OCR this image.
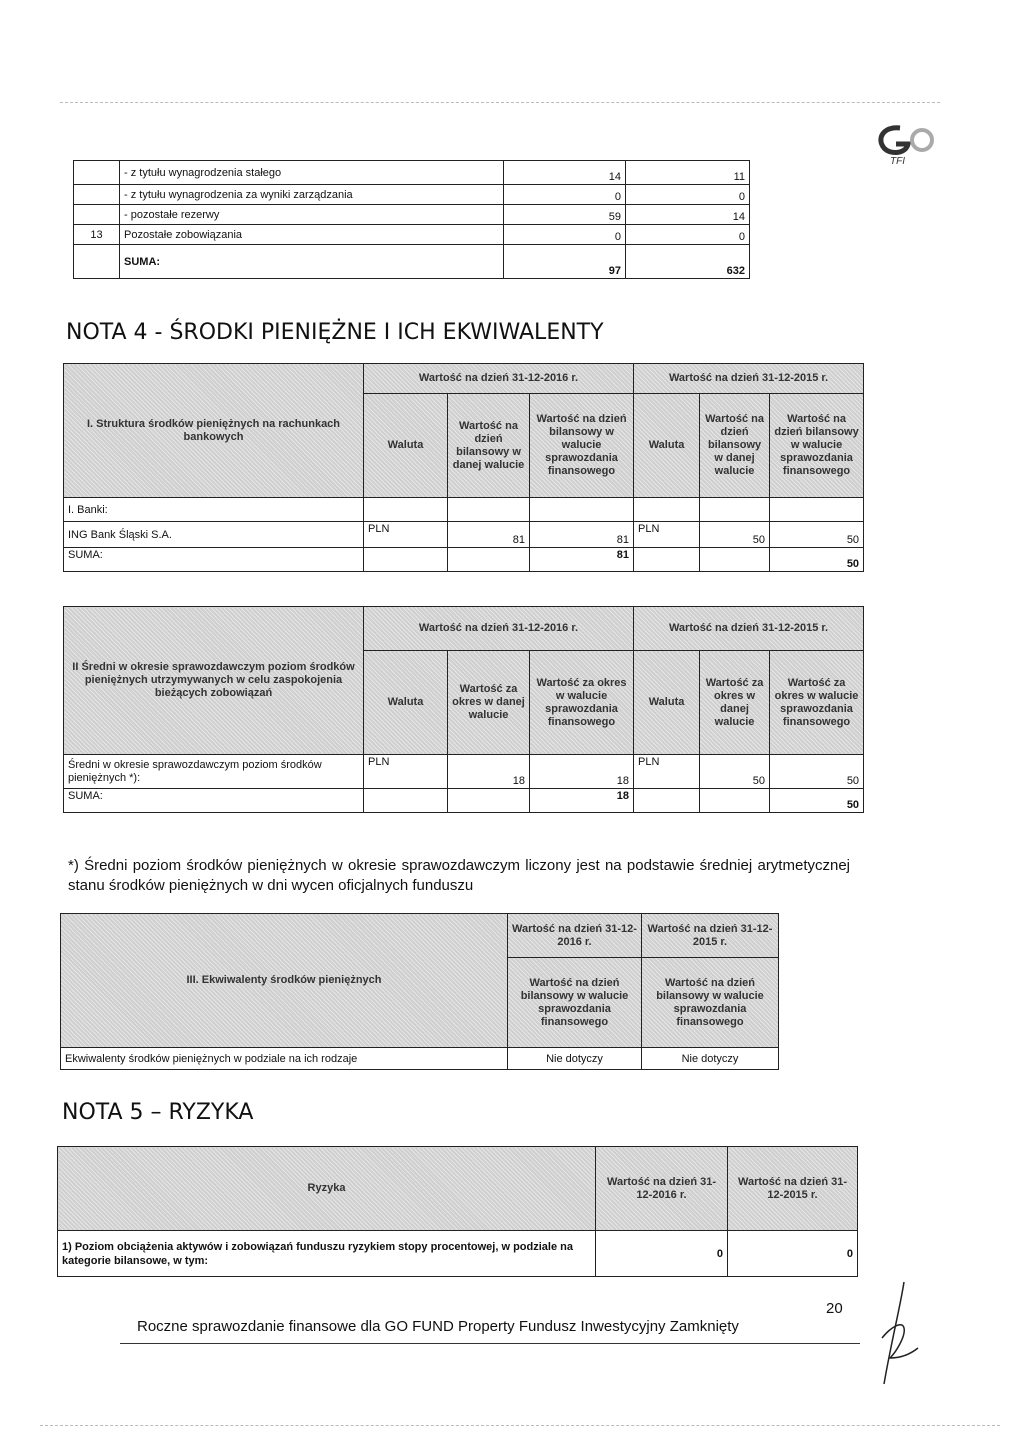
TFI
	- z tytułu wynagrodzenia stałego	14	11
	- z tytułu wynagrodzenia za wyniki zarządzania	0	0
	- pozostałe rezerwy	59	14
13	Pozostałe zobowiązania	0	0
	SUMA:	97	632
NOTA 4 - ŚRODKI PIENIĘŻNE I ICH EKWIWALENTY
I. Struktura środków pieniężnych na rachunkach bankowych	Wartość na dzień 31-12-2016 r.			Wartość na dzień 31-12-2015 r.		
	Waluta	Wartość na dzień bilansowy w danej walucie	Wartość na dzień bilansowy w walucie sprawozdania finansowego	Waluta	Wartość na dzień bilansowy w danej walucie	Wartość na dzień bilansowy w walucie sprawozdania finansowego
I. Banki:						
ING Bank Śląski S.A.	PLN	81	81	PLN	50	50
SUMA:			81			50
II Średni w okresie sprawozdawczym poziom środków pieniężnych utrzymywanych w celu zaspokojenia bieżących zobowiązań	Wartość na dzień 31-12-2016 r.			Wartość na dzień 31-12-2015 r.		
	Waluta	Wartość za okres w danej walucie	Wartość za okres w walucie sprawozdania finansowego	Waluta	Wartość za okres w danej walucie	Wartość za okres w walucie sprawozdania finansowego
Średni w okresie sprawozdawczym poziom środków pieniężnych *):	PLN	18	18	PLN	50	50
SUMA:			18			50
*) Średni poziom środków pieniężnych w okresie sprawozdawczym liczony jest na podstawie średniej arytmetycznej stanu środków pieniężnych w dni wycen oficjalnych funduszu
III. Ekwiwalenty środków pieniężnych	Wartość na dzień 31-12-2016 r.	Wartość na dzień 31-12-2015 r.
	Wartość na dzień bilansowy w walucie sprawozdania finansowego	Wartość na dzień bilansowy w walucie sprawozdania finansowego
Ekwiwalenty środków pieniężnych w podziale na ich rodzaje	Nie dotyczy	Nie dotyczy
NOTA 5 – RYZYKA
Ryzyka	Wartość na dzień 31-12-2016 r.	Wartość na dzień 31-12-2015 r.
1) Poziom obciążenia aktywów i zobowiązań funduszu ryzykiem stopy procentowej, w podziale na kategorie bilansowe, w tym:	0	0
20
Roczne sprawozdanie finansowe dla GO FUND Property Fundusz Inwestycyjny Zamknięty
